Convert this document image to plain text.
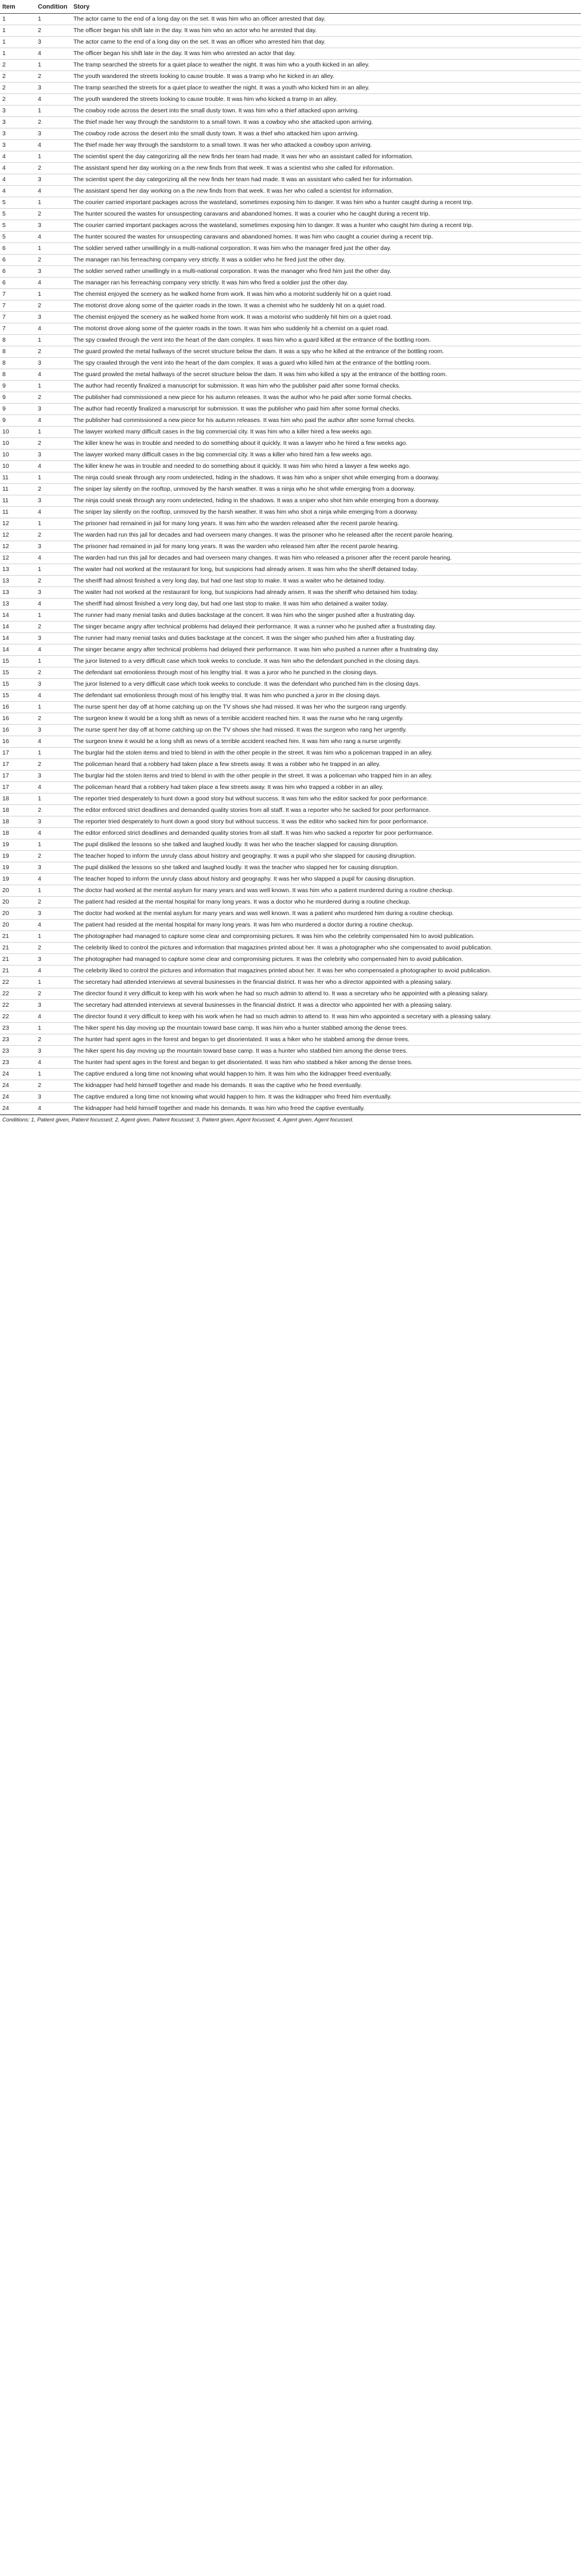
Item	Condition	Story
1	1	The actor came to the end of a long day on the set. It was him who an officer arrested that day.
1	2	The officer began his shift late in the day. It was him who an actor who he arrested that day.
1	3	The actor came to the end of a long day on the set. It was an officer who arrested him that day.
1	4	The officer began his shift late in the day. It was him who arrested an actor that day.
2	1	The tramp searched the streets for a quiet place to weather the night. It was him who a youth kicked in an alley.
2	2	The youth wandered the streets looking to cause trouble. It was a tramp who he kicked in an alley.
2	3	The tramp searched the streets for a quiet place to weather the night. It was a youth who kicked him in an alley.
2	4	The youth wandered the streets looking to cause trouble. It was him who kicked a tramp in an alley.
3	1	The cowboy rode across the desert into the small dusty town. It was him who a thief attacked upon arriving.
3	2	The thief made her way through the sandstorm to a small town. It was a cowboy who she attacked upon arriving.
3	3	The cowboy rode across the desert into the small dusty town. It was a thief who attacked him upon arriving.
3	4	The thief made her way through the sandstorm to a small town. It was her who attacked a cowboy upon arriving.
4	1	The scientist spent the day categorizing all the new finds her team had made. It was her who an assistant called for information.
4	2	The assistant spend her day working on a the new finds from that week. It was a scientist who she called for information.
4	3	The scientist spent the day categorizing all the new finds her team had made. It was an assistant who called her for information.
4	4	The assistant spend her day working on a the new finds from that week. It was her who called a scientist for information.
5	1	The courier carried important packages across the wasteland, sometimes exposing him to danger. It was him who a hunter caught during a recent trip.
5	2	The hunter scoured the wastes for unsuspecting caravans and abandoned homes. It was a courier who he caught during a recent trip.
5	3	The courier carried important packages across the wasteland, sometimes exposing him to danger. It was a hunter who caught him during a recent trip.
5	4	The hunter scoured the wastes for unsuspecting caravans and abandoned homes. It was him who caught a courier during a recent trip.
6	1	The soldier served rather unwillingly in a multi-national corporation. It was him who the manager fired just the other day.
6	2	The manager ran his ferreaching company very strictly. It was a soldier who he fired just the other day.
6	3	The soldier served rather unwillingly in a multi-national corporation. It was the manager who fired him just the other day.
6	4	The manager ran his ferreaching company very strictly. It was him who fired a soldier just the other day.
7	1	The chemist enjoyed the scenery as he walked home from work. It was him who a motorist suddenly hit on a quiet road.
7	2	The motorist drove along some of the quieter roads in the town. It was a chemist who he suddenly hit on a quiet road.
7	3	The chemist enjoyed the scenery as he walked home from work. It was a motorist who suddenly hit him on a quiet road.
7	4	The motorist drove along some of the quieter roads in the town. It was him who suddenly hit a chemist on a quiet road.
8	1	The spy crawled through the vent into the heart of the dam complex. It was him who a guard killed at the entrance of the bottling room.
8	2	The guard prowled the metal hallways of the secret structure below the dam. It was a spy who he killed at the entrance of the bottling room.
8	3	The spy crawled through the vent into the heart of the dam complex. It was a guard who killed him at the entrance of the bottling room.
8	4	The guard prowled the metal hallways of the secret structure below the dam. It was him who killed a spy at the entrance of the bottling room.
9	1	The author had recently finalized a manuscript for submission. It was him who the publisher paid after some formal checks.
9	2	The publisher had commissioned a new piece for his autumn releases. It was the author who he paid after some formal checks.
9	3	The author had recently finalized a manuscript for submission. It was the publisher who paid him after some formal checks.
9	4	The publisher had commissioned a new piece for his autumn releases. It was him who paid the author after some formal checks.
10	1	The lawyer worked many difficult cases in the big commercial city. It was him who a killer hired a few weeks ago.
10	2	The killer knew he was in trouble and needed to do something about it quickly. It was a lawyer who he hired a few weeks ago.
10	3	The lawyer worked many difficult cases in the big commercial city. It was a killer who hired him a few weeks ago.
10	4	The killer knew he was in trouble and needed to do something about it quickly. It was him who hired a lawyer a few weeks ago.
11	1	The ninja could sneak through any room undetected, hiding in the shadows. It was him who a sniper shot while emerging from a doorway.
11	2	The sniper lay silently on the rooftop, unmoved by the harsh weather. It was a ninja who he shot while emerging from a doorway.
11	3	The ninja could sneak through any room undetected, hiding in the shadows. It was a sniper who shot him while emerging from a doorway.
11	4	The sniper lay silently on the rooftop, unmoved by the harsh weather. It was him who shot a ninja while emerging from a doorway.
12	1	The prisoner had remained in jail for many long years. It was him who the warden released after the recent parole hearing.
12	2	The warden had run this jail for decades and had overseen many changes. It was the prisoner who he released after the recent parole hearing.
12	3	The prisoner had remained in jail for many long years. It was the warden who released him after the recent parole hearing.
12	4	The warden had run this jail for decades and had overseen many changes. It was him who released a prisoner after the recent parole hearing.
13	1	The waiter had not worked at the restaurant for long, but suspicions had already arisen. It was him who the sheriff detained today.
13	2	The sheriff had almost finished a very long day, but had one last stop to make. It was a waiter who he detained today.
13	3	The waiter had not worked at the restaurant for long, but suspicions had already arisen. It was the sheriff who detained him today.
13	4	The sheriff had almost finished a very long day, but had one last stop to make. It was him who detained a waiter today.
14	1	The runner had many menial tasks and duties backstage at the concert. It was him who the singer pushed after a frustrating day.
14	2	The singer became angry after technical problems had delayed their performance. It was a runner who he pushed after a frustrating day.
14	3	The runner had many menial tasks and duties backstage at the concert. It was the singer who pushed him after a frustrating day.
14	4	The singer became angry after technical problems had delayed their performance. It was him who pushed a runner after a frustrating day.
15	1	The juror listened to a very difficult case which took weeks to conclude. It was him who the defendant punched in the closing days.
15	2	The defendant sat emotionless through most of his lengthy trial. It was a juror who he punched in the closing days.
15	3	The juror listened to a very difficult case which took weeks to conclude. It was the defendant who punched him in the closing days.
15	4	The defendant sat emotionless through most of his lengthy trial. It was him who punched a juror in the closing days.
16	1	The nurse spent her day off at home catching up on the TV shows she had missed. It was her who the surgeon rang urgently.
16	2	The surgeon knew it would be a long shift as news of a terrible accident reached him. It was the nurse who he rang urgently.
16	3	The nurse spent her day off at home catching up on the TV shows she had missed. It was the surgeon who rang her urgently.
16	4	The surgeon knew it would be a long shift as news of a terrible accident reached him. It was him who rang a nurse urgently.
17	1	The burglar hid the stolen items and tried to blend in with the other people in the street. It was him who a policeman trapped in an alley.
17	2	The policeman heard that a robbery had taken place a few streets away. It was a robber who he trapped in an alley.
17	3	The burglar hid the stolen items and tried to blend in with the other people in the street. It was a policeman who trapped him in an alley.
17	4	The policeman heard that a robbery had taken place a few streets away. It was him who trapped a robber in an alley.
18	1	The reporter tried desperately to hunt down a good story but without success. It was him who the editor sacked for poor performance.
18	2	The editor enforced strict deadlines and demanded quality stories from all staff. It was a reporter who he sacked for poor performance.
18	3	The reporter tried desperately to hunt down a good story but without success. It was the editor who sacked him for poor performance.
18	4	The editor enforced strict deadlines and demanded quality stories from all staff. It was him who sacked a reporter for poor performance.
19	1	The pupil disliked the lessons so she talked and laughed loudly. It was her who the teacher slapped for causing disruption.
19	2	The teacher hoped to inform the unruly class about history and geography. It was a pupil who she slapped for causing disruption.
19	3	The pupil disliked the lessons so she talked and laughed loudly. It was the teacher who slapped her for causing disruption.
19	4	The teacher hoped to inform the unruly class about history and geography. It was her who slapped a pupil for causing disruption.
20	1	The doctor had worked at the mental asylum for many years and was well known. It was him who a patient murdered during a routine checkup.
20	2	The patient had resided at the mental hospital for many long years. It was a doctor who he murdered during a routine checkup.
20	3	The doctor had worked at the mental asylum for many years and was well known. It was a patient who murdered him during a routine checkup.
20	4	The patient had resided at the mental hospital for many long years. It was him who murdered a doctor during a routine checkup.
21	1	The photographer had managed to capture some clear and compromising pictures. It was him who the celebrity compensated him to avoid publication.
21	2	The celebrity liked to control the pictures and information that magazines printed about her. It was a photographer who she compensated to avoid publication.
21	3	The photographer had managed to capture some clear and compromising pictures. It was the celebrity who compensated him to avoid publication.
21	4	The celebrity liked to control the pictures and information that magazines printed about her. It was her who compensated a photographer to avoid publication.
22	1	The secretary had attended interviews at several businesses in the financial district. It was her who a director appointed with a pleasing salary.
22	2	The director found it very difficult to keep with his work when he had so much admin to attend to. It was a secretary who he appointed with a pleasing salary.
22	3	The secretary had attended interviews at several businesses in the financial district. It was a director who appointed her with a pleasing salary.
22	4	The director found it very difficult to keep with his work when he had so much admin to attend to. It was him who appointed a secretary with a pleasing salary.
23	1	The hiker spent his day moving up the mountain toward base camp. It was him who a hunter stabbed among the dense trees.
23	2	The hunter had spent ages in the forest and began to get disorientated. It was a hiker who he stabbed among the dense trees.
23	3	The hiker spent his day moving up the mountain toward base camp. It was a hunter who stabbed him among the dense trees.
23	4	The hunter had spent ages in the forest and began to get disorientated. It was him who stabbed a hiker among the dense trees.
24	1	The captive endured a long time not knowing what would happen to him. It was him who the kidnapper freed eventually.
24	2	The kidnapper had held himself together and made his demands. It was the captive who he freed eventually.
24	3	The captive endured a long time not knowing what would happen to him. It was the kidnapper who freed him eventually.
24	4	The kidnapper had held himself together and made his demands. It was him who freed the captive eventually.
Conditions: 1, Patient given, Patient focussed; 2, Agent given, Patient focussed; 3, Patient given, Agent focussed; 4, Agent given, Agent focussed.
